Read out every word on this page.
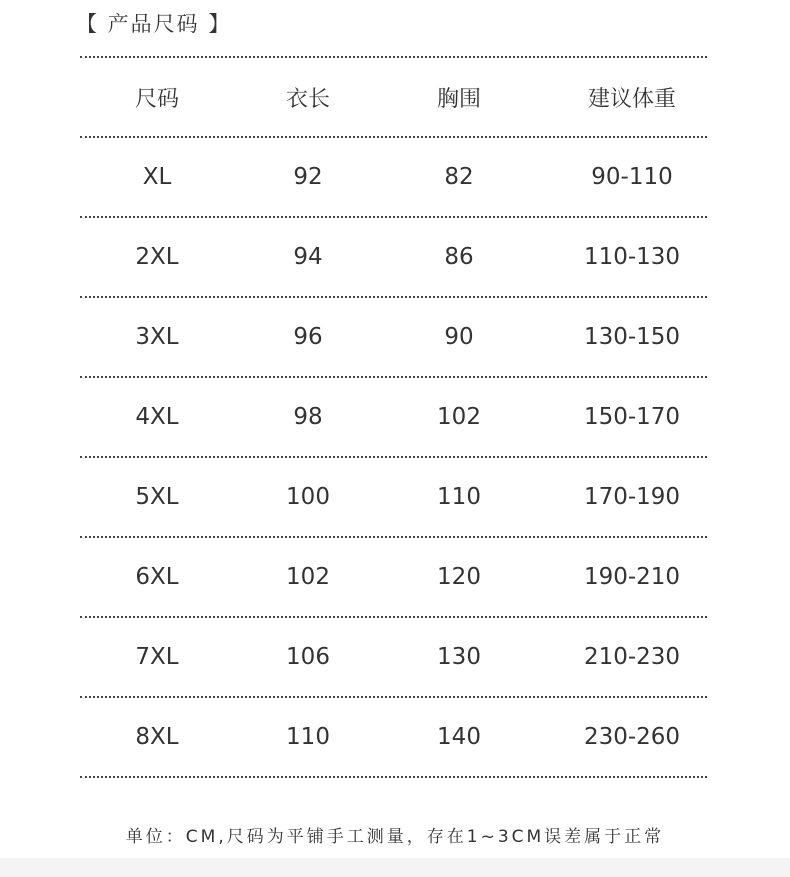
【 产品尺码 】
尺码	衣长	胸围	建议体重
XL	92	82	90-110
2XL	94	86	110-130
3XL	96	90	130-150
4XL	98	102	150-170
5XL	100	110	170-190
6XL	102	120	190-210
7XL	106	130	210-230
8XL	110	140	230-260
单位：CM,尺码为平铺手工测量，存在1~3CM误差属于正常
